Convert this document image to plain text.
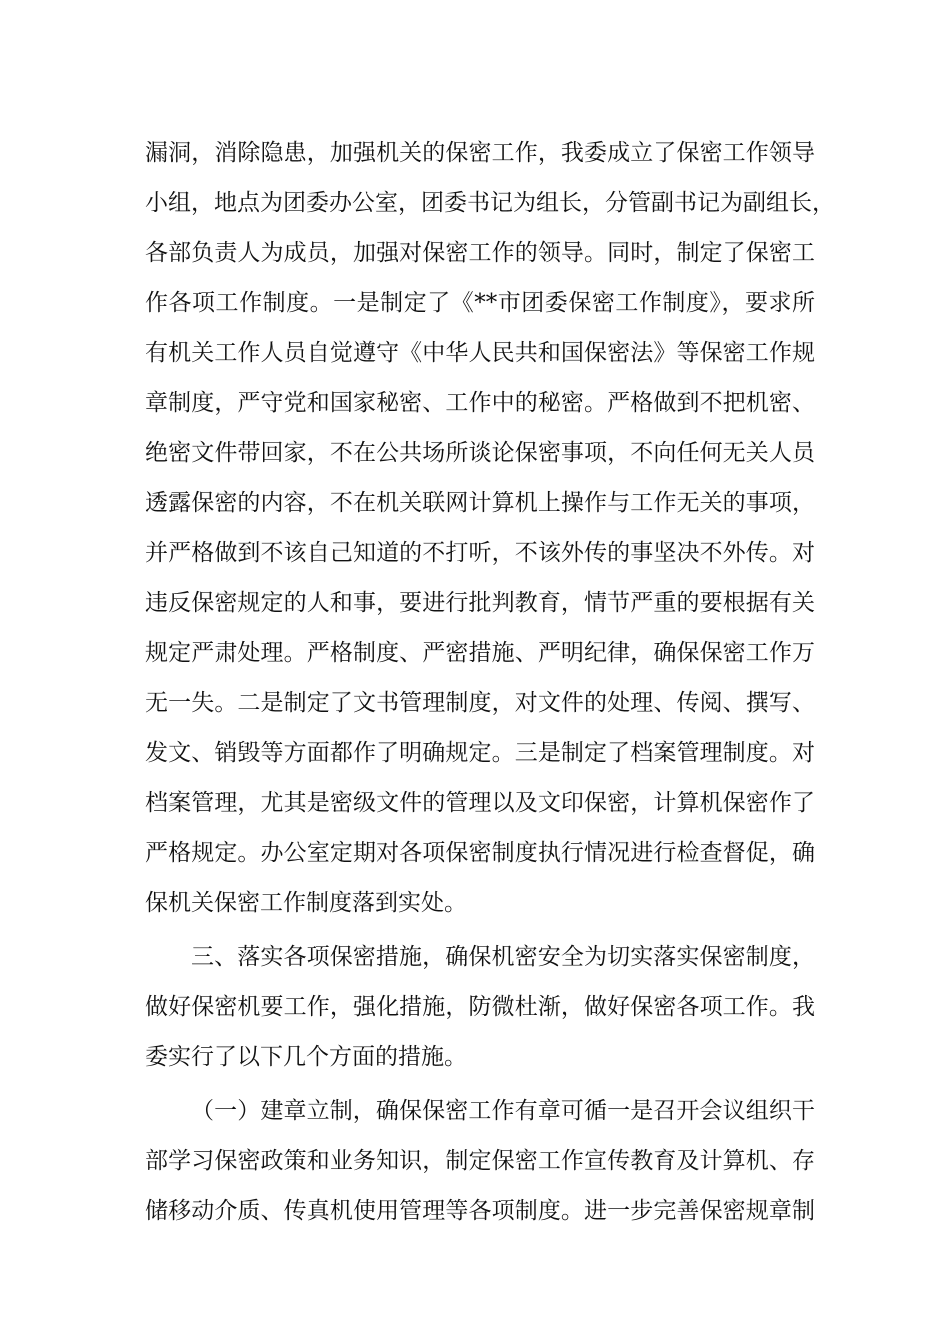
漏洞，消除隐患，加强机关的保密工作，我委成立了保密工作领导
小组，地点为团委办公室，团委书记为组长，分管副书记为副组长，
各部负责人为成员，加强对保密工作的领导。同时，制定了保密工
作各项工作制度。一是制定了《**市团委保密工作制度》，要求所
有机关工作人员自觉遵守《中华人民共和国保密法》等保密工作规
章制度，严守党和国家秘密、工作中的秘密。严格做到不把机密、
绝密文件带回家，不在公共场所谈论保密事项，不向任何无关人员
透露保密的内容，不在机关联网计算机上操作与工作无关的事项，
并严格做到不该自己知道的不打听，不该外传的事坚决不外传。对
违反保密规定的人和事，要进行批判教育，情节严重的要根据有关
规定严肃处理。严格制度、严密措施、严明纪律，确保保密工作万
无一失。二是制定了文书管理制度，对文件的处理、传阅、撰写、
发文、销毁等方面都作了明确规定。三是制定了档案管理制度。对
档案管理，尤其是密级文件的管理以及文印保密，计算机保密作了
严格规定。办公室定期对各项保密制度执行情况进行检查督促，确
保机关保密工作制度落到实处。
三、落实各项保密措施，确保机密安全为切实落实保密制度，
做好保密机要工作，强化措施，防微杜渐，做好保密各项工作。我
委实行了以下几个方面的措施。
（一）建章立制，确保保密工作有章可循一是召开会议组织干
部学习保密政策和业务知识，制定保密工作宣传教育及计算机、存
储移动介质、传真机使用管理等各项制度。进一步完善保密规章制
